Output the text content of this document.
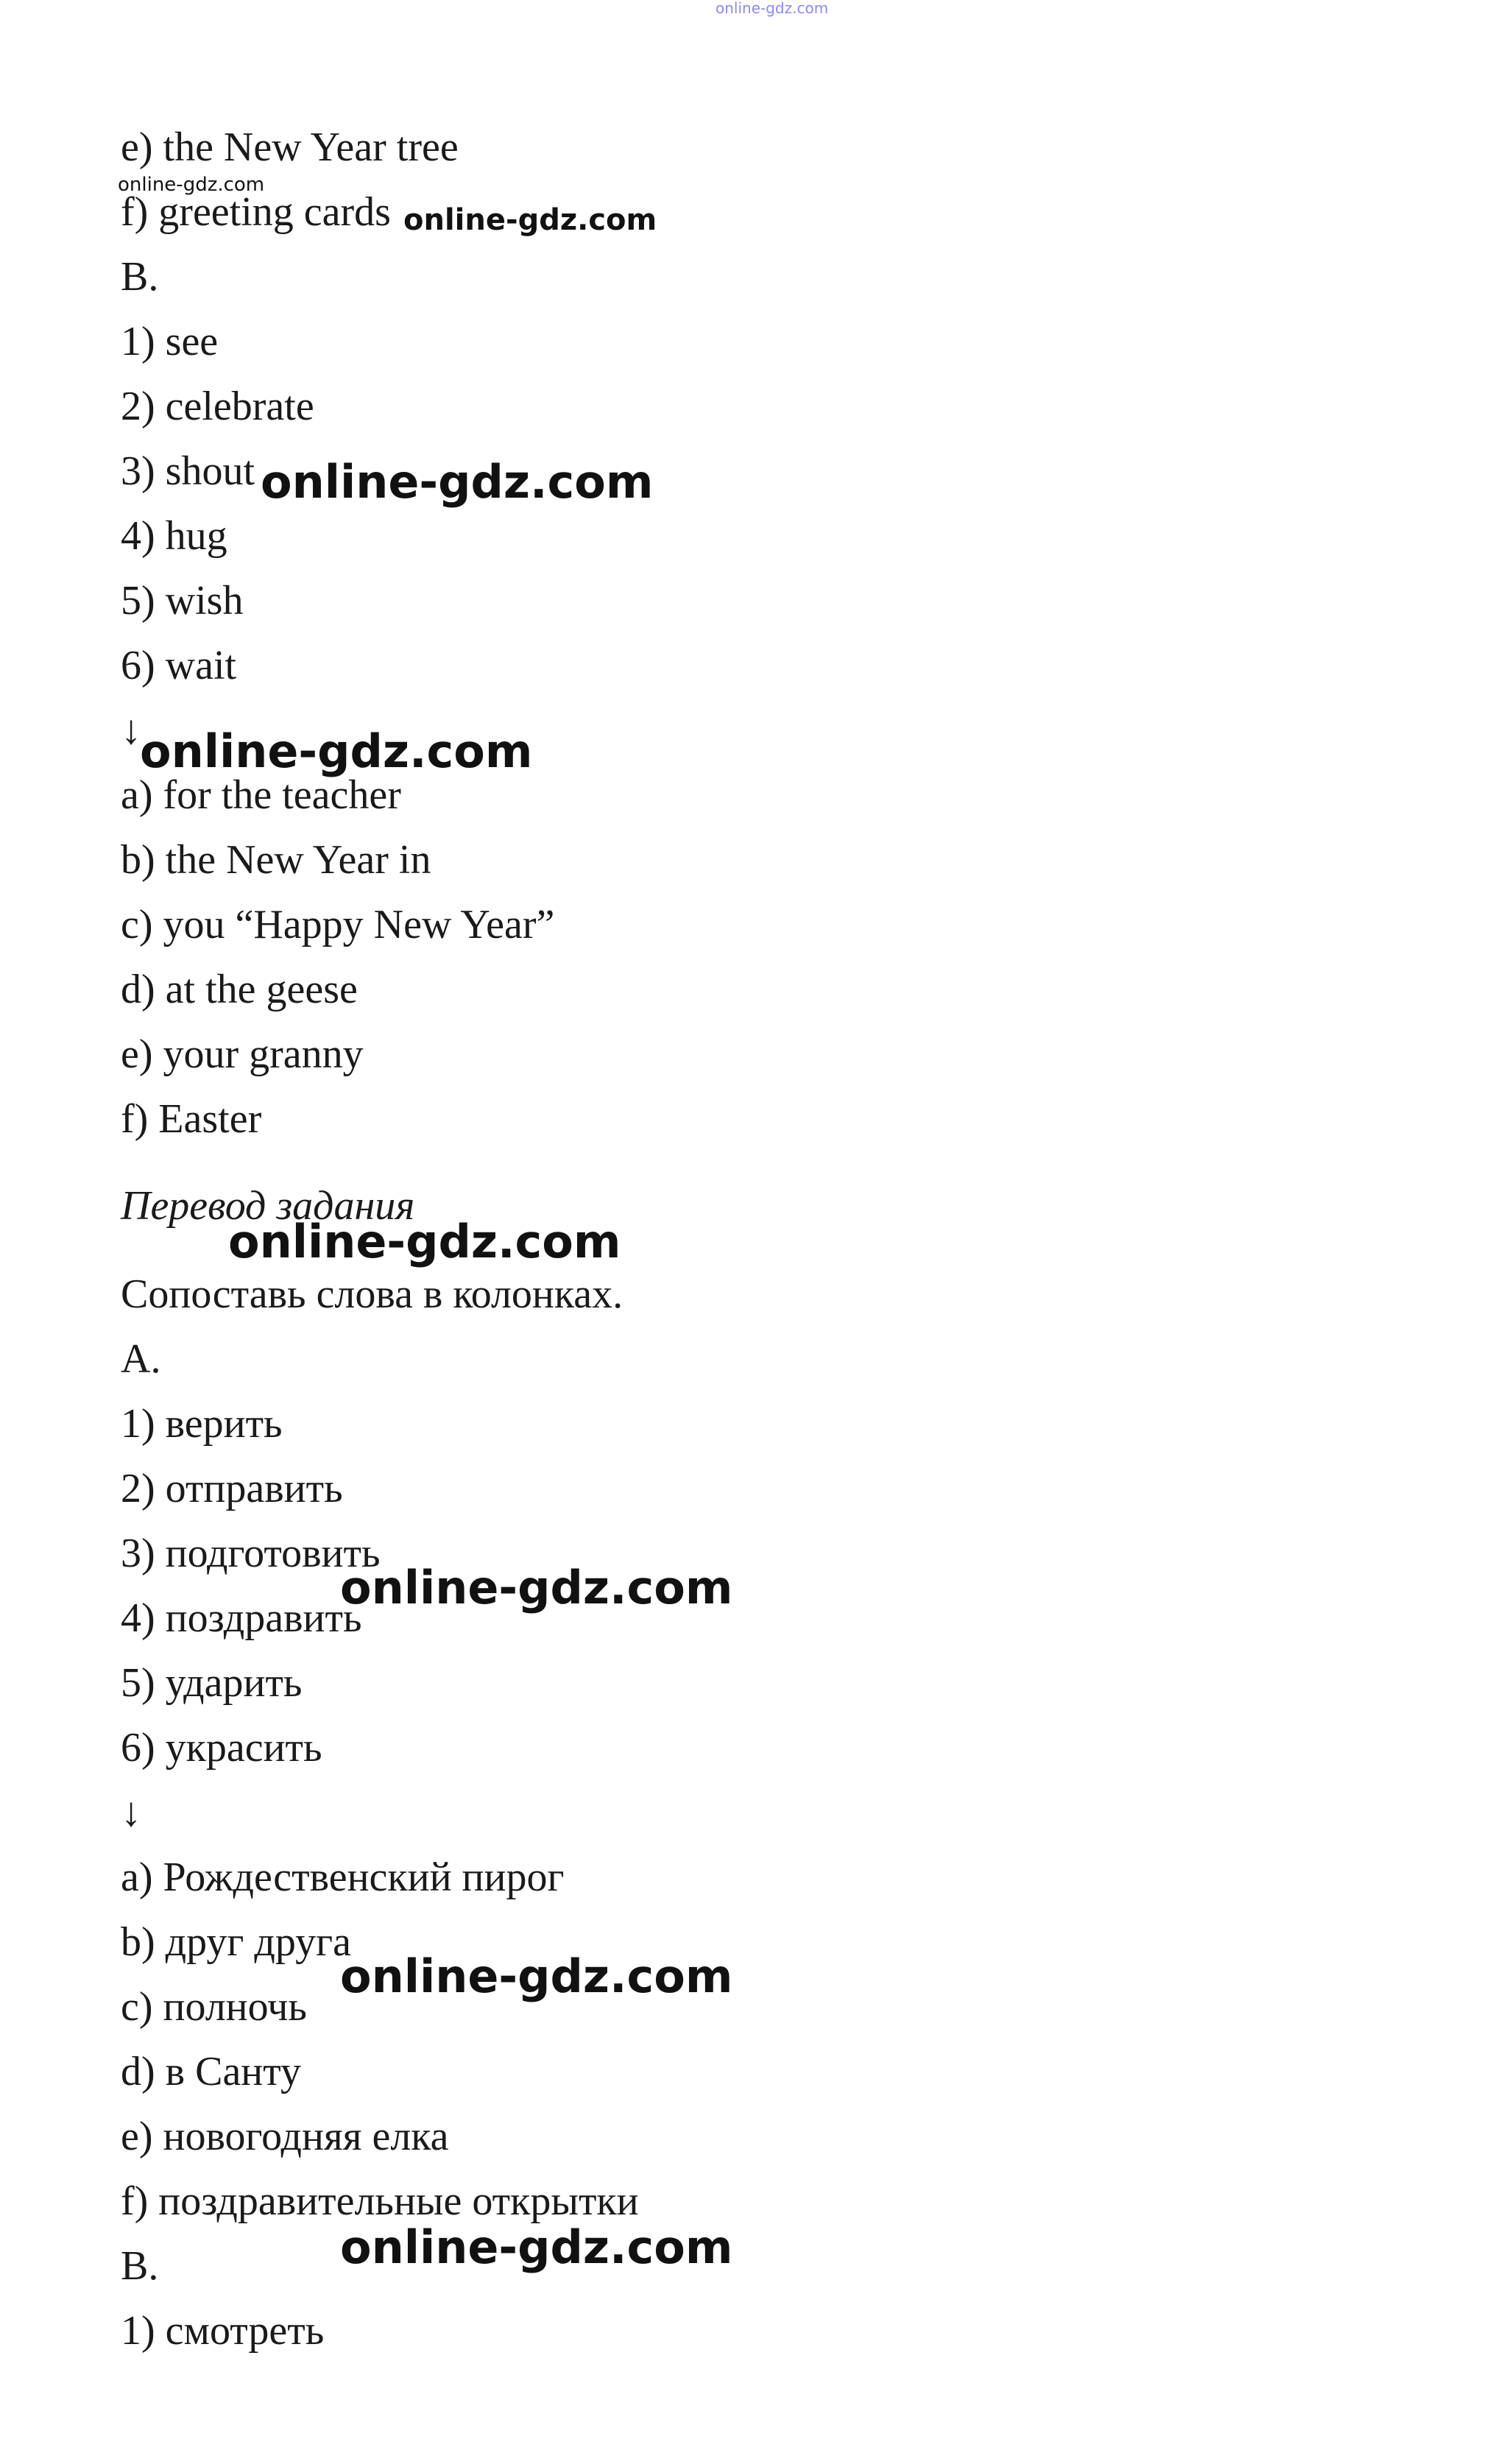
online-gdz.com
e) the New Year tree
f) greeting cards
B.
1) see
2) celebrate
3) shout
4) hug
5) wish
6) wait
↓
a) for the teacher
b) the New Year in
c) you “Happy New Year”
d) at the geese
e) your granny
f) Easter
Перевод задания
Сопоставь слова в колонках.
A.
1) верить
2) отправить
3) подготовить
4) поздравить
5) ударить
6) украсить
↓
a) Рождественский пирог
b) друг друга
c) полночь
d) в Санту
e) новогодняя елка
f) поздравительные открытки
B.
1) смотреть
online-gdz.com
online-gdz.com
online-gdz.com
online-gdz.com
online-gdz.com
online-gdz.com
online-gdz.com
online-gdz.com
